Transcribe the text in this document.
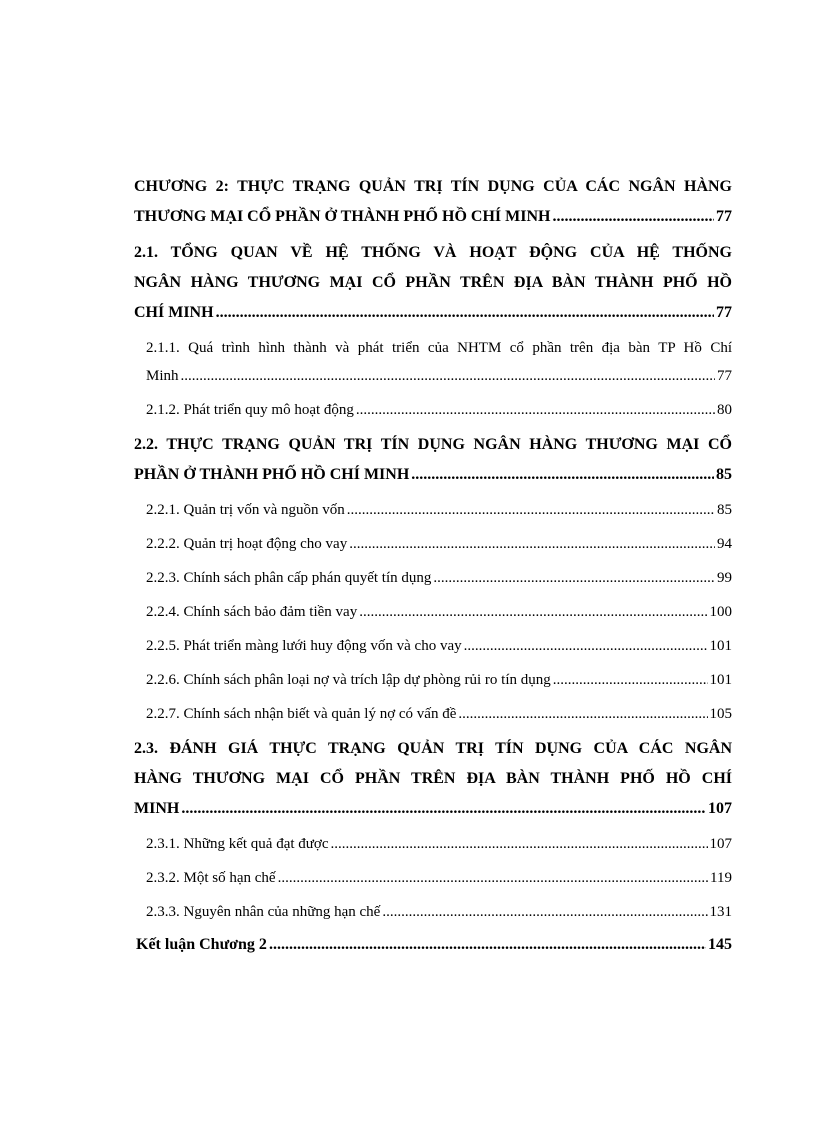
CHƯƠNG 2: THỰC TRẠNG QUẢN TRỊ TÍN DỤNG CỦA CÁC NGÂN HÀNG
THƯƠNG MẠI CỔ PHẦN Ở THÀNH PHỐ HỒ CHÍ MINH .....	77
2.1. TỔNG QUAN VỀ HỆ THỐNG VÀ HOẠT ĐỘNG CỦA HỆ THỐNG
NGÂN HÀNG THƯƠNG MẠI CỔ PHẦN TRÊN ĐỊA BÀN THÀNH PHỐ HỒ
CHÍ MINH .....	77
2.1.1. Quá trình hình thành và phát triển của NHTM cổ phần trên địa bàn TP Hồ Chí
Minh .....	77
2.1.2. Phát triển quy mô hoạt động .....	80
2.2. THỰC TRẠNG QUẢN TRỊ TÍN DỤNG NGÂN HÀNG THƯƠNG MẠI CỔ
PHẦN Ở THÀNH PHỐ HỒ CHÍ MINH .....	85
2.2.1. Quản trị vốn và nguồn vốn .....	85
2.2.2. Quản trị hoạt động cho vay .....	94
2.2.3. Chính sách phân cấp phán quyết tín dụng .....	99
2.2.4. Chính sách bảo đảm tiền vay .....	100
2.2.5. Phát triển màng lưới huy động vốn và cho vay .....	101
2.2.6. Chính sách phân loại nợ và trích lập dự phòng rủi ro tín dụng .....	101
2.2.7. Chính sách nhận biết và quản lý nợ có vấn đề .....	105
2.3. ĐÁNH GIÁ THỰC TRẠNG QUẢN TRỊ TÍN DỤNG CỦA CÁC NGÂN
HÀNG THƯƠNG MẠI CỔ PHẦN TRÊN ĐỊA BÀN THÀNH PHỐ HỒ CHÍ
MINH .....	107
2.3.1. Những kết quả đạt được .....	107
2.3.2. Một số hạn chế .....	119
2.3.3. Nguyên nhân của những hạn chế .....	131
Kết luận Chương 2 .....	145
